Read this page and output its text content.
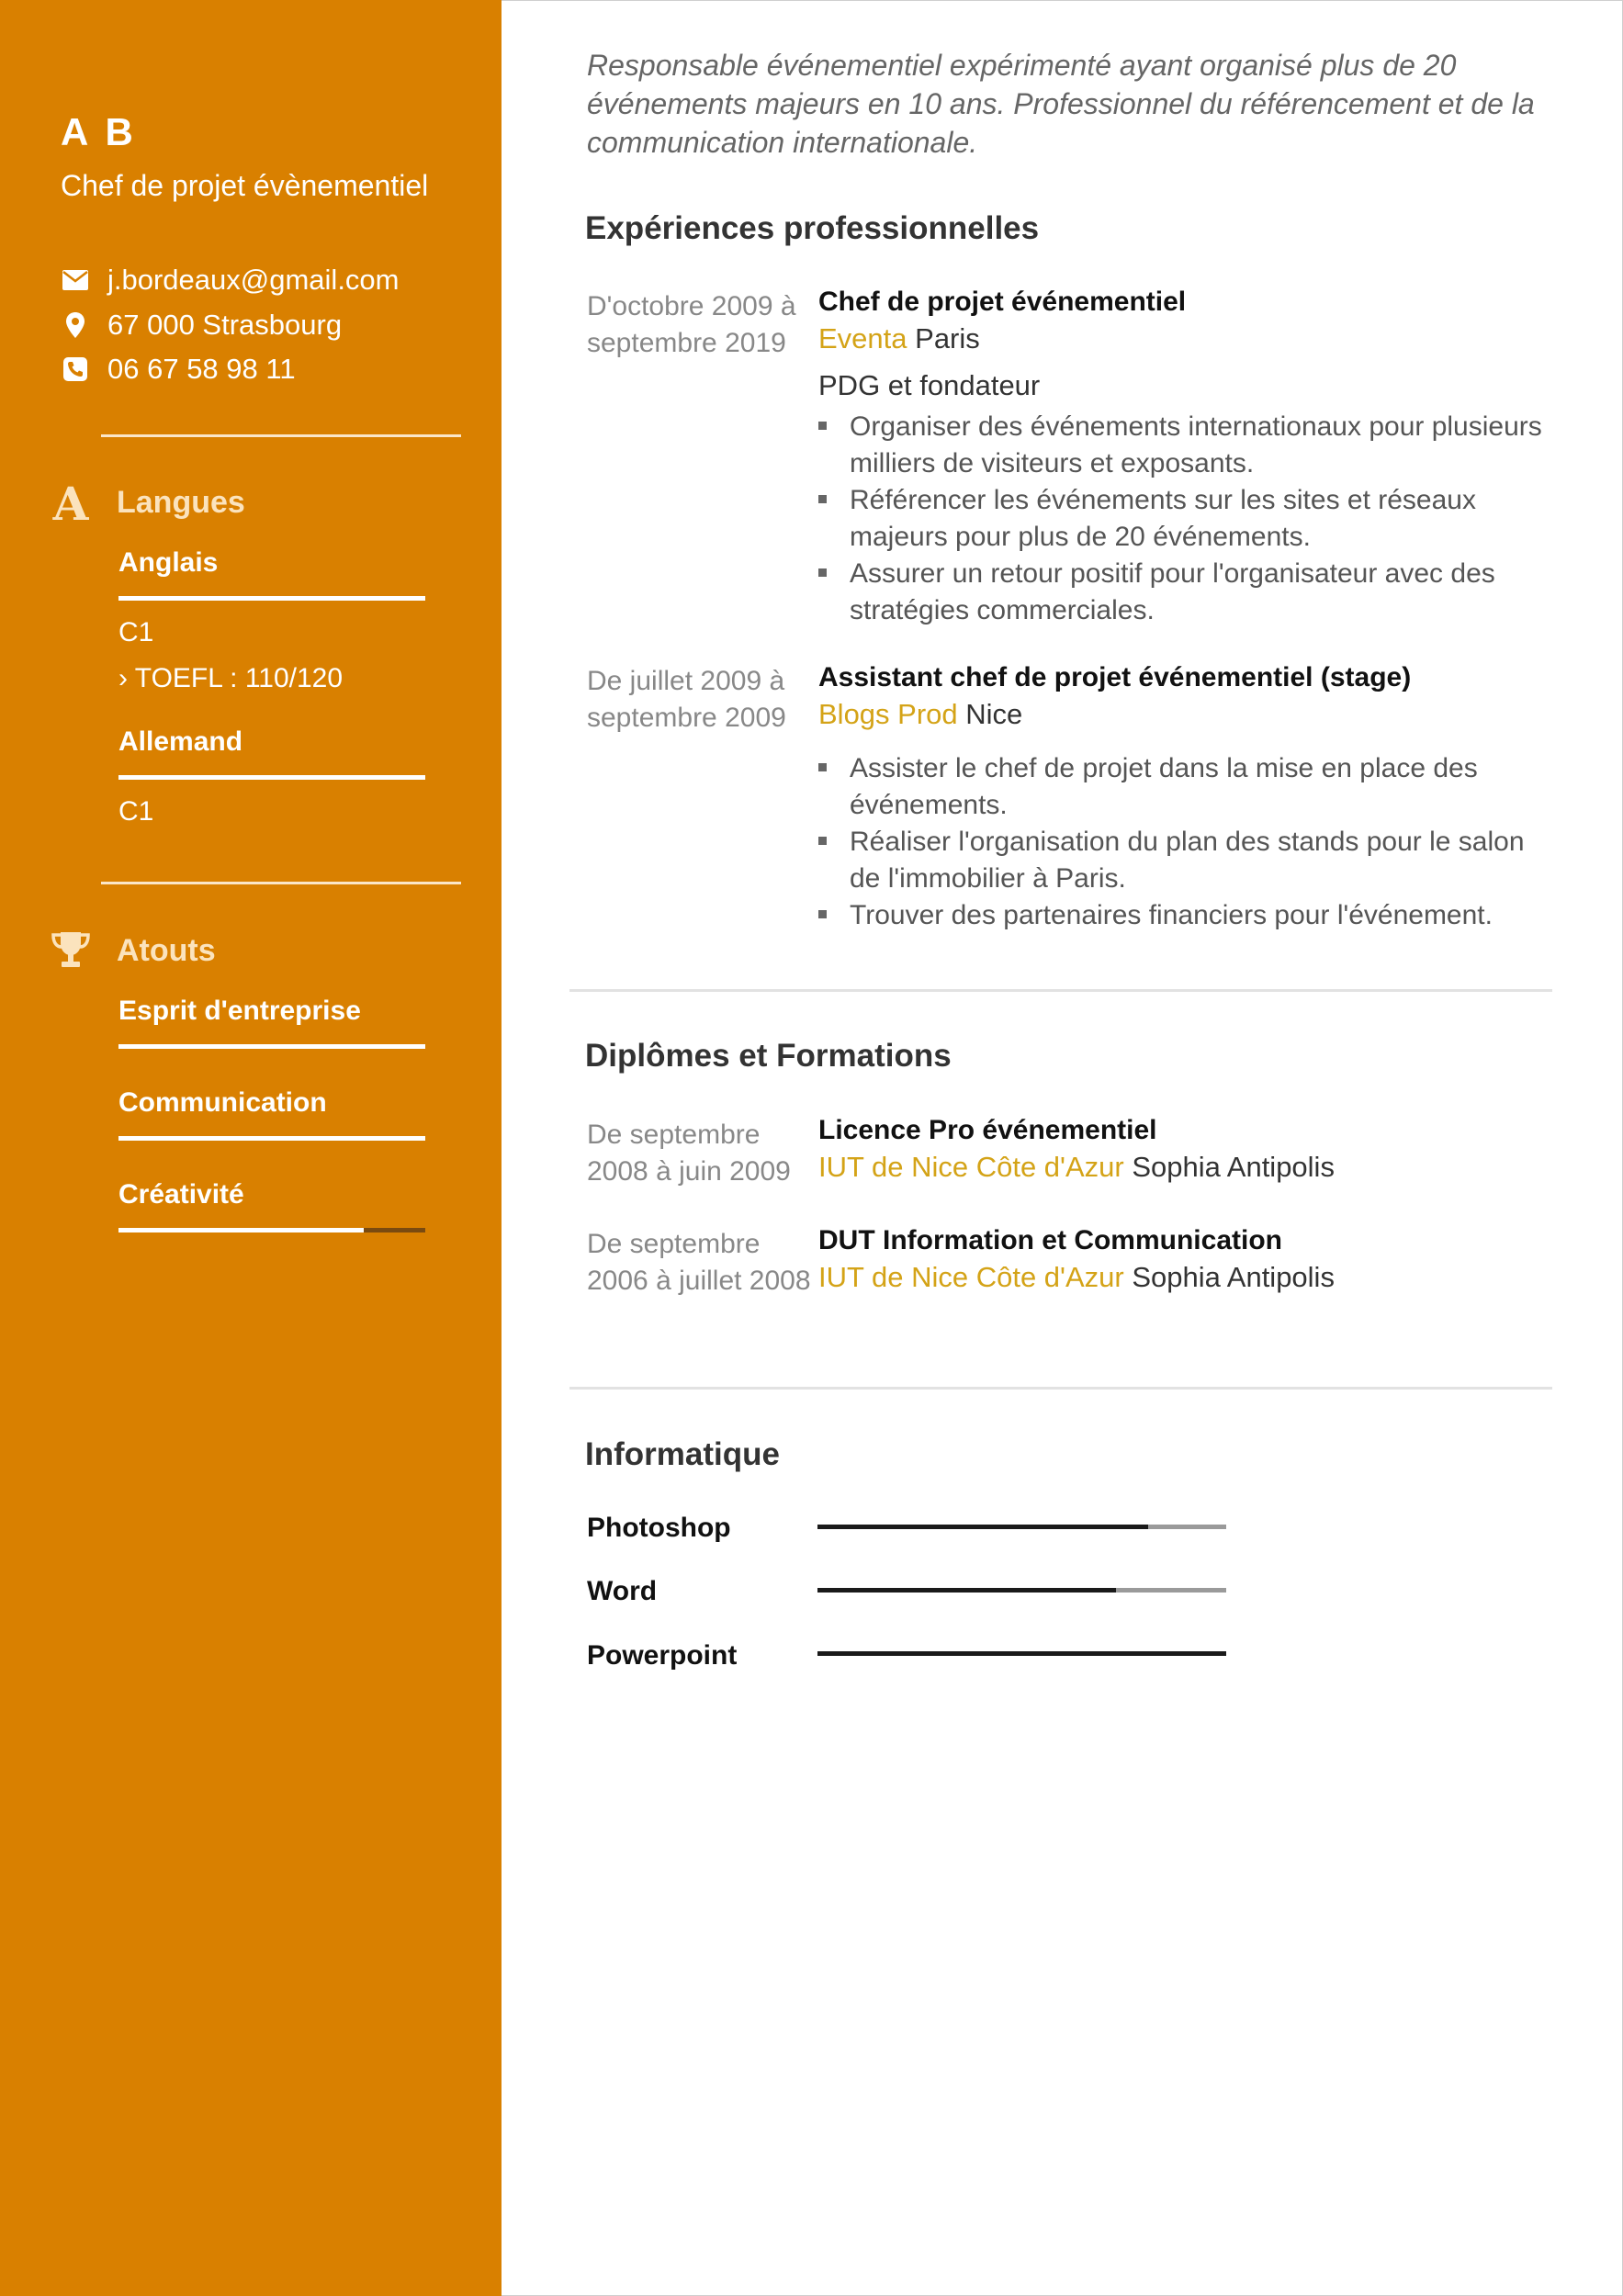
A B
Chef de projet évènementiel
j.bordeaux@gmail.com
67 000 Strasbourg
06 67 58 98 11
A Langues
Anglais
C1
› TOEFL : 110/120
Allemand
C1
Atouts
Esprit d'entreprise
Communication
Créativité
Responsable événementiel expérimenté ayant organisé plus de 20 événements majeurs en 10 ans. Professionnel du référencement et de la communication internationale.
Expériences professionnelles
D'octobre 2009 à septembre 2019
Chef de projet événementiel
Eventa Paris
PDG et fondateur
Organiser des événements internationaux pour plusieurs milliers de visiteurs et exposants.
Référencer les événements sur les sites et réseaux majeurs pour plus de 20 événements.
Assurer un retour positif pour l'organisateur avec des stratégies commerciales.
De juillet 2009 à septembre 2009
Assistant chef de projet événementiel (stage)
Blogs Prod Nice
Assister le chef de projet dans la mise en place des événements.
Réaliser l'organisation du plan des stands pour le salon de l'immobilier à Paris.
Trouver des partenaires financiers pour l'événement.
Diplômes et Formations
De septembre 2008 à juin 2009
Licence Pro événementiel
IUT de Nice Côte d'Azur Sophia Antipolis
De septembre 2006 à juillet 2008
DUT Information et Communication
IUT de Nice Côte d'Azur Sophia Antipolis
Informatique
Photoshop
Word
Powerpoint
